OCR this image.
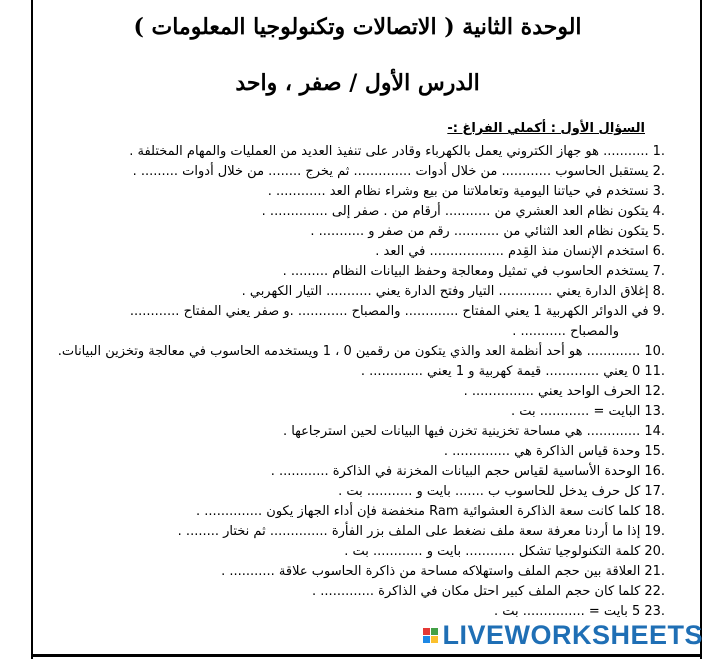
الوحدة الثانية ( الاتصالات وتكنولوجيا المعلومات )
الدرس الأول / صفر ، واحد
السؤال الأول : أكملي الفراغ :-
1............ هو جهاز الكتروني يعمل بالكهرباء وقادر على تنفيذ العديد من العمليات والمهام المختلفة .
2.يستقبل الحاسوب ............ من خلال أدوات .............. ثم يخرج ........ من خلال أدوات ......... .
3.نستخدم في حياتنا اليومية وتعاملاتنا من بيع وشراء نظام العد ............ .
4.يتكون نظام العد العشري من ........... أرقام من . صفر إلى .............. .
5.يتكون نظام العد الثنائي من ........... رقم من صفر و ........... .
6.استخدم الإنسان منذ القِدم .................. في العد .
7.يستخدم الحاسوب في تمثيل ومعالجة وحفظ البيانات النظام ......... .
8.إغلاق الدارة يعني ............. التيار وفتح الدارة يعني ........... التيار الكهربي .
9.في الدوائر الكهربية 1 يعني المفتاح ............. والمصباح ............ .و صفر يعني المفتاح ............
والمصباح ........... .
10.............. هو أحد أنظمة العد والذي يتكون من رقمين 0 ، 1 ويستخدمه الحاسوب في معالجة وتخزين البيانات.
11.0 يعني ............. قيمة كهربية و 1 يعني ............. .
12.الحرف الواحد يعني ............... .
13.البايت = ............ بت .
14.............. هي مساحة تخزينية تخزن فيها البيانات لحين استرجاعها .
15.وحدة قياس الذاكرة هي .............. .
16.الوحدة الأساسية لقياس حجم البيانات المخزنة في الذاكرة ............ .
17.كل حرف يدخل للحاسوب ب ....... بايت و ........... بت .
18.كلما كانت سعة الذاكرة العشوائية Ram منخفضة فإن أداء الجهاز يكون .............. .
19.إذا ما أردنا معرفة سعة ملف نضغط على الملف بزر الفأرة .............. ثم نختار ........ .
20.كلمة التكنولوجيا تشكل ............ بايت و ............ بت .
21.العلاقة بين حجم الملف واستهلاكه مساحة من ذاكرة الحاسوب علاقة ........... .
22.كلما كان حجم الملف كبير احتل مكان في الذاكرة ............. .
23.5 بايت = ............... بت .
LIVEWORKSHEETS
